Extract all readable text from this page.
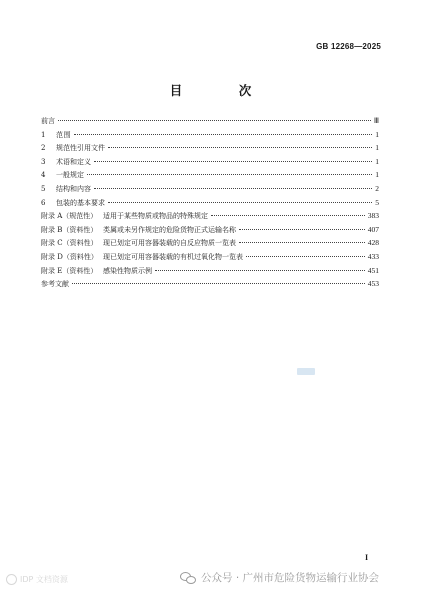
GB 12268—2025
目　次
前言	Ⅲ
1	范围	1
2	规范性引用文件	1
3	术语和定义	1
4	一般规定	1
5	结构和内容	2
6	包装的基本要求	5
附录 A（规范性） 适用于某些物质或物品的特殊规定	383
附录 B（资料性） 类属或未另作规定的危险货物正式运输名称	407
附录 C（资料性） 现已划定可用容器装载的自反应物质一览表	428
附录 D（资料性） 现已划定可用容器装载的有机过氧化物一览表	433
附录 E（资料性） 感染性物质示例	451
参考文献	453
I
IDP 文档资源	公众号 · 广州市危险货物运输行业协会
